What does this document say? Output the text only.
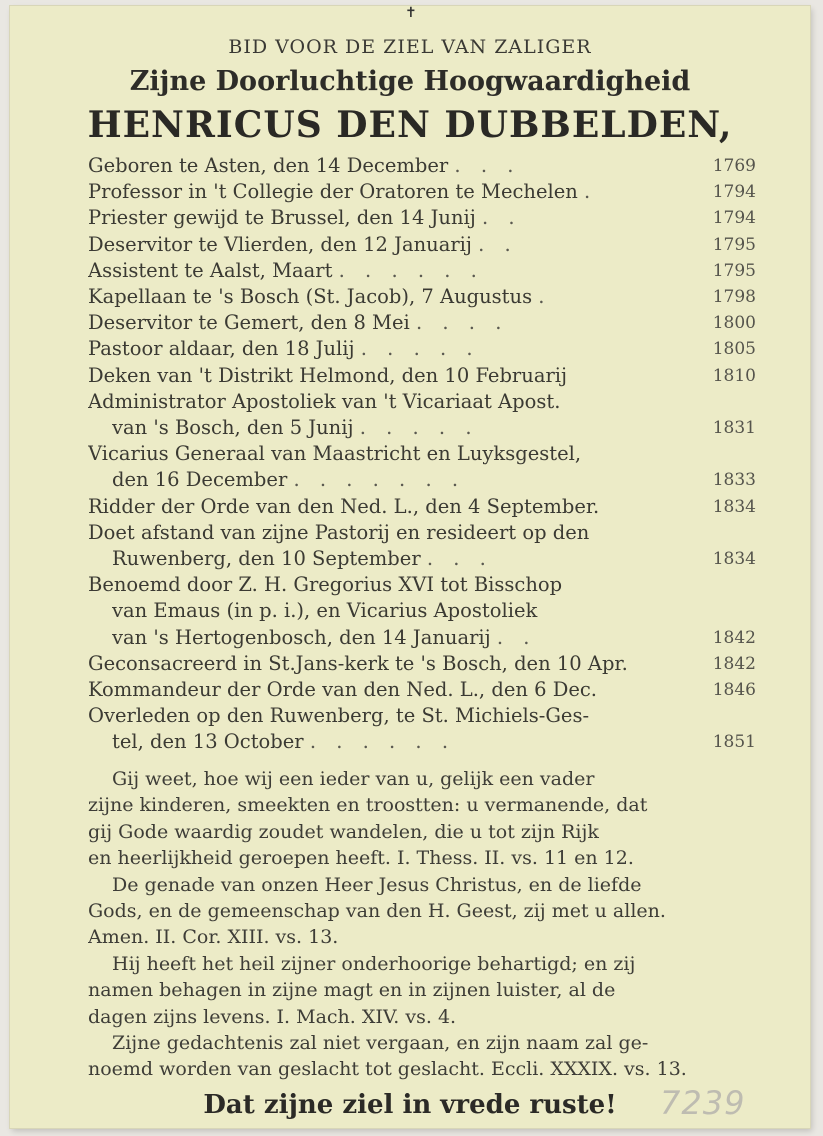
✝
BID VOOR DE ZIEL VAN ZALIGER
Zijne Doorluchtige Hoogwaardigheid
HENRICUS DEN DUBBELDEN,
Geboren te Asten, den 14 December . . .	1769
Professor in 't Collegie der Oratoren te Mechelen .	1794
Priester gewijd te Brussel, den 14 Junij . .	1794
Deservitor te Vlierden, den 12 Januarij . .	1795
Assistent te Aalst, Maart . . . . . .	1795
Kapellaan te 's Bosch (St. Jacob), 7 Augustus .	1798
Deservitor te Gemert, den 8 Mei . . . .	1800
Pastoor aldaar, den 18 Julij . . . . .	1805
Deken van 't Distrikt Helmond, den 10 Februarij	1810
Administrator Apostoliek van 't Vicariaat Apost.
van 's Bosch, den 5 Junij . . . . .	1831
Vicarius Generaal van Maastricht en Luyksgestel,
den 16 December . . . . . . .	1833
Ridder der Orde van den Ned. L., den 4 September.	1834
Doet afstand van zijne Pastorij en resideert op den
Ruwenberg, den 10 September . . .	1834
Benoemd door Z. H. Gregorius XVI tot Bisschop
van Emaus (in p. i.), en Vicarius Apostoliek
van 's Hertogenbosch, den 14 Januarij . .	1842
Geconsacreerd in St.Jans-kerk te 's Bosch, den 10 Apr.	1842
Kommandeur der Orde van den Ned. L., den 6 Dec.	1846
Overleden op den Ruwenberg, te St. Michiels-Ges-
tel, den 13 October . . . . . .	1851
Gij weet, hoe wij een ieder van u, gelijk een vader
zijne kinderen, smeekten en troostten: u vermanende, dat
gij Gode waardig zoudet wandelen, die u tot zijn Rijk
en heerlijkheid geroepen heeft. I. Thess. II. vs. 11 en 12.
De genade van onzen Heer Jesus Christus, en de liefde
Gods, en de gemeenschap van den H. Geest, zij met u allen.
Amen. II. Cor. XIII. vs. 13.
Hij heeft het heil zijner onderhoorige behartigd; en zij
namen behagen in zijne magt en in zijnen luister, al de
dagen zijns levens. I. Mach. XIV. vs. 4.
Zijne gedachtenis zal niet vergaan, en zijn naam zal ge-
noemd worden van geslacht tot geslacht. Eccli. XXXIX. vs. 13.
Dat zijne ziel in vrede ruste!	7239
